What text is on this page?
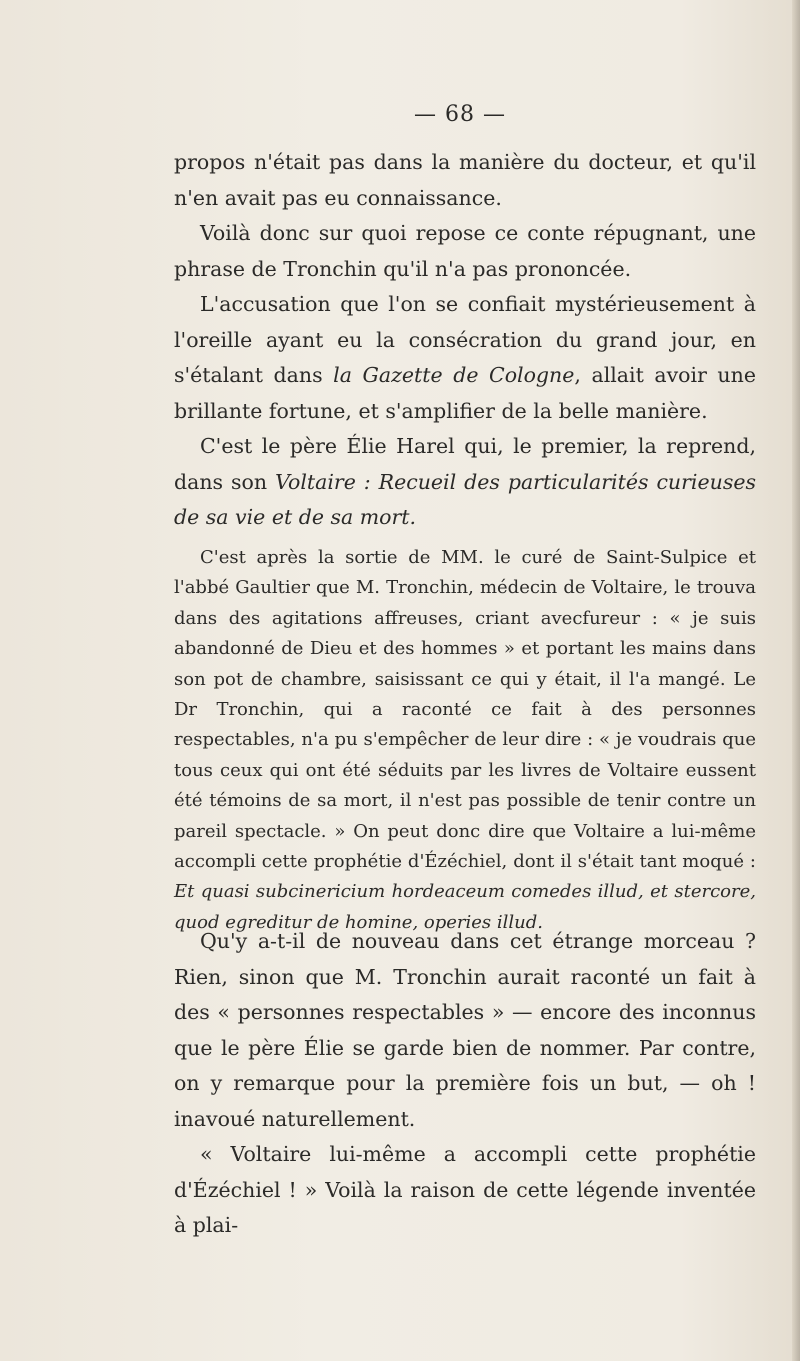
— 68 —

propos n'était pas dans la manière du docteur, et qu'il n'en avait pas eu connaissance.

Voilà donc sur quoi repose ce conte répugnant, une phrase de Tronchin qu'il n'a pas prononcée.

L'accusation que l'on se confiait mystérieusement à l'oreille ayant eu la consécration du grand jour, en s'étalant dans la Gazette de Cologne, allait avoir une brillante fortune, et s'amplifier de la belle manière.

C'est le père Élie Harel qui, le premier, la reprend, dans son Voltaire : Recueil des particularités curieuses de sa vie et de sa mort.

C'est après la sortie de MM. le curé de Saint-Sulpice et l'abbé Gaultier que M. Tronchin, médecin de Voltaire, le trouva dans des agitations affreuses, criant avecfureur : « je suis abandonné de Dieu et des hommes » et portant les mains dans son pot de chambre, saisissant ce qui y était, il l'a mangé. Le Dr Tronchin, qui a raconté ce fait à des personnes respectables, n'a pu s'empêcher de leur dire : « je voudrais que tous ceux qui ont été séduits par les livres de Voltaire eussent été témoins de sa mort, il n'est pas possible de tenir contre un pareil spectacle. » On peut donc dire que Voltaire a lui-même accompli cette prophétie d'Ézéchiel, dont il s'était tant moqué : Et quasi subcinericium hordeaceum comedes illud, et stercore, quod egreditur de homine, operies illud.

Qu'y a-t-il de nouveau dans cet étrange morceau ? Rien, sinon que M. Tronchin aurait raconté un fait à des « personnes respectables » — encore des inconnus que le père Élie se garde bien de nommer. Par contre, on y remarque pour la première fois un but, — oh ! inavoué naturellement.

« Voltaire lui-même a accompli cette prophétie d'Ézéchiel ! » Voilà la raison de cette légende inventée à plai-
